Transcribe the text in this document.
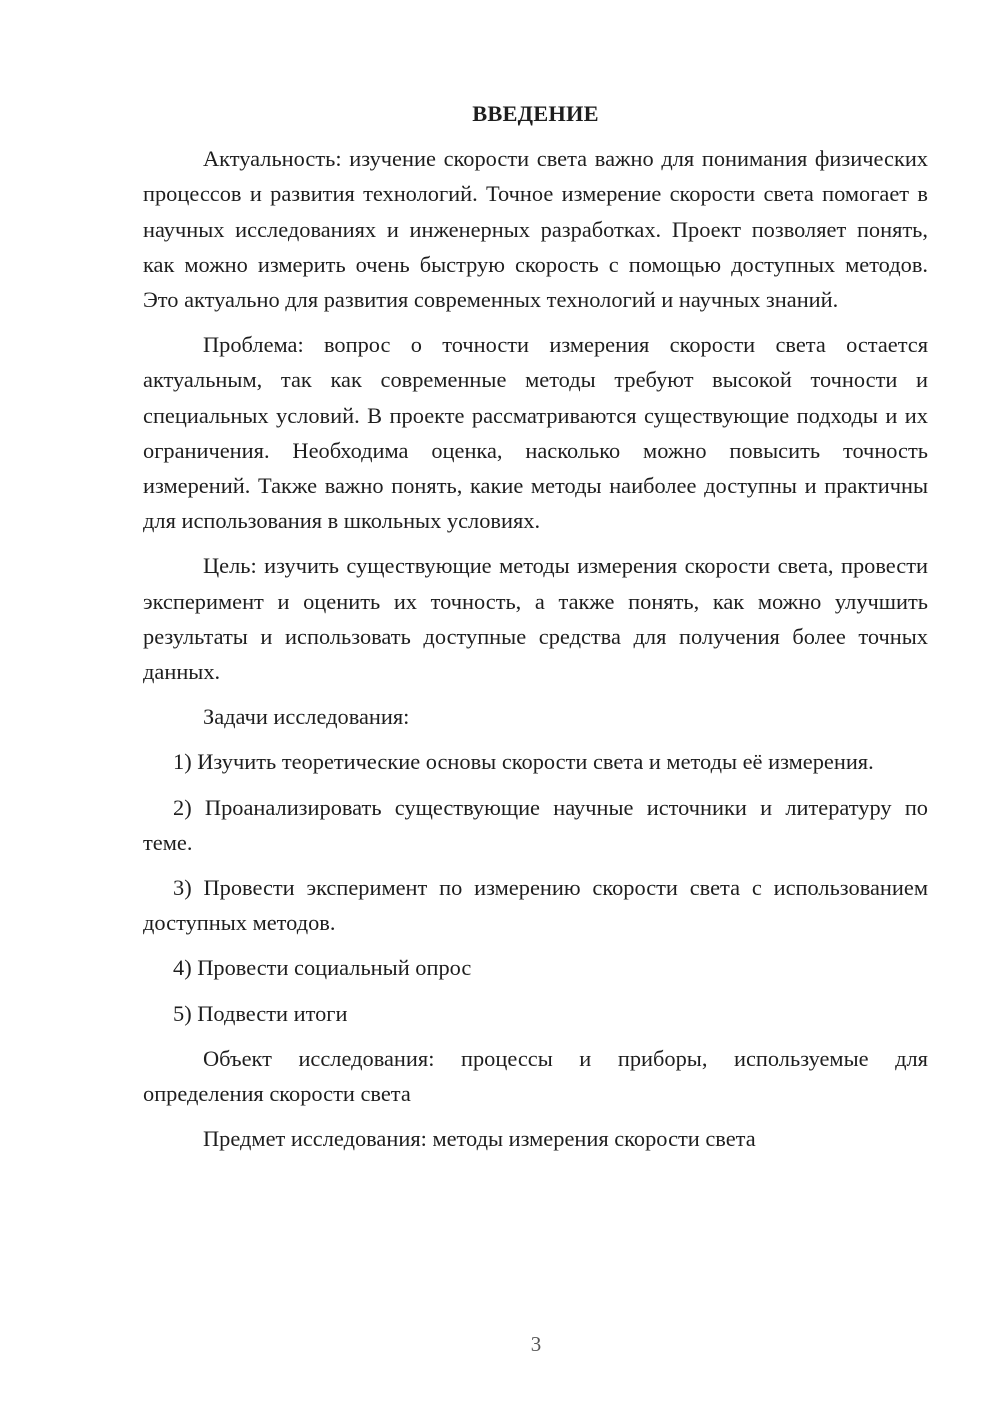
ВВЕДЕНИЕ

Актуальность: изучение скорости света важно для понимания физических процессов и развития технологий. Точное измерение скорости света помогает в научных исследованиях и инженерных разработках. Проект позволяет понять, как можно измерить очень быструю скорость с помощью доступных методов. Это актуально для развития современных технологий и научных знаний.

Проблема: вопрос о точности измерения скорости света остается актуальным, так как современные методы требуют высокой точности и специальных условий. В проекте рассматриваются существующие подходы и их ограничения. Необходима оценка, насколько можно повысить точность измерений. Также важно понять, какие методы наиболее доступны и практичны для использования в школьных условиях.

Цель: изучить существующие методы измерения скорости света, провести эксперимент и оценить их точность, а также понять, как можно улучшить результаты и использовать доступные средства для получения более точных данных.

Задачи исследования:

1) Изучить теоретические основы скорости света и методы её измерения.

2) Проанализировать существующие научные источники и литературу по теме.

3) Провести эксперимент по измерению скорости света с использованием доступных методов.

4) Провести социальный опрос

5) Подвести итоги

Объект исследования: процессы и приборы, используемые для определения скорости света

Предмет исследования: методы измерения скорости света

3
